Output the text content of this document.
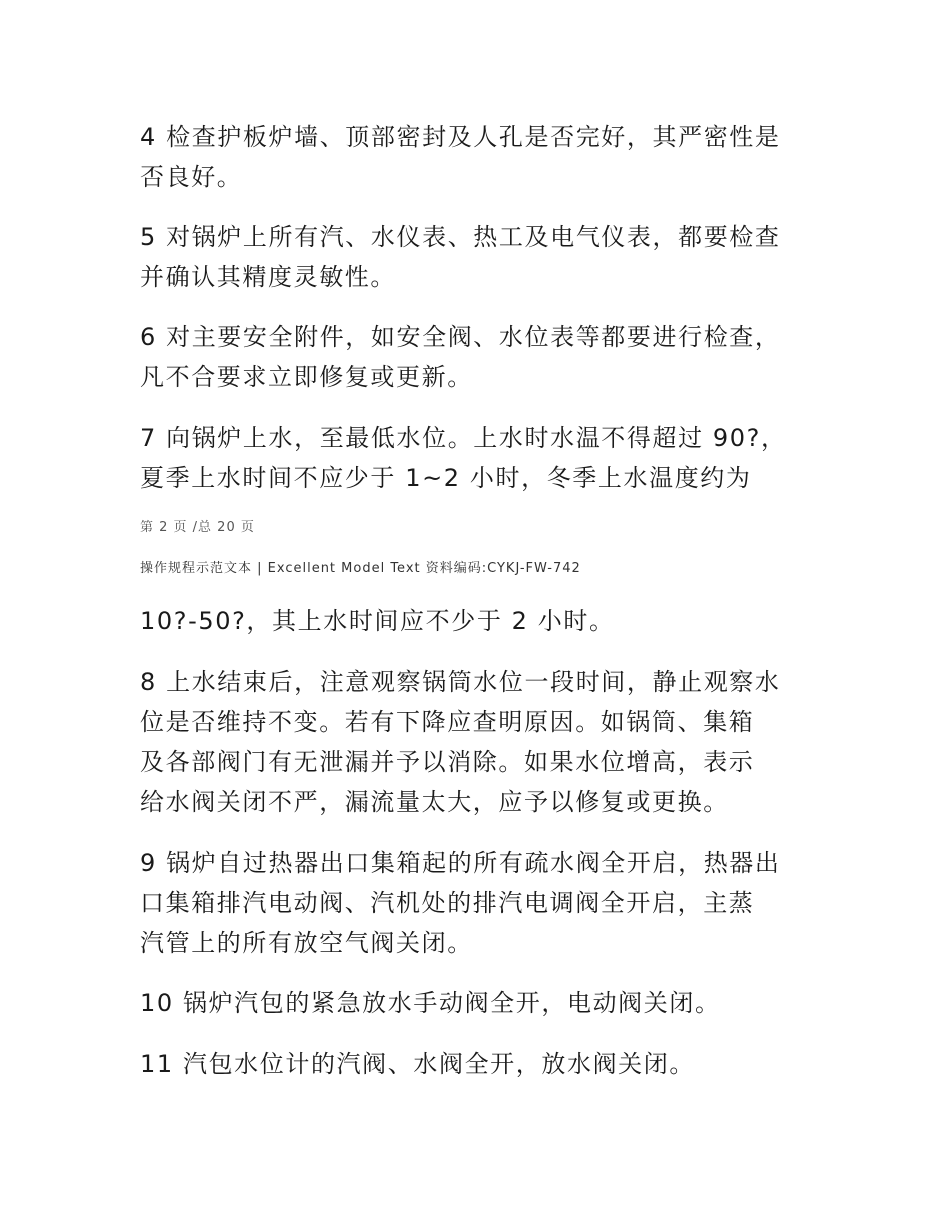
4 检查护板炉墙、顶部密封及人孔是否完好，其严密性是
否良好。

5 对锅炉上所有汽、水仪表、热工及电气仪表，都要检查
并确认其精度灵敏性。

6 对主要安全附件，如安全阀、水位表等都要进行检查，
凡不合要求立即修复或更新。

7 向锅炉上水，至最低水位。上水时水温不得超过 90?，
夏季上水时间不应少于 1~2 小时，冬季上水温度约为

第 2 页 /总 20 页
操作规程示范文本 | Excellent Model Text 资料编码:CYKJ-FW-742

10?-50?，其上水时间应不少于 2 小时。

8 上水结束后，注意观察锅筒水位一段时间，静止观察水
位是否维持不变。若有下降应查明原因。如锅筒、集箱
及各部阀门有无泄漏并予以消除。如果水位增高，表示
给水阀关闭不严，漏流量太大，应予以修复或更换。

9 锅炉自过热器出口集箱起的所有疏水阀全开启，热器出
口集箱排汽电动阀、汽机处的排汽电调阀全开启，主蒸
汽管上的所有放空气阀关闭。

10 锅炉汽包的紧急放水手动阀全开，电动阀关闭。

11 汽包水位计的汽阀、水阀全开，放水阀关闭。
